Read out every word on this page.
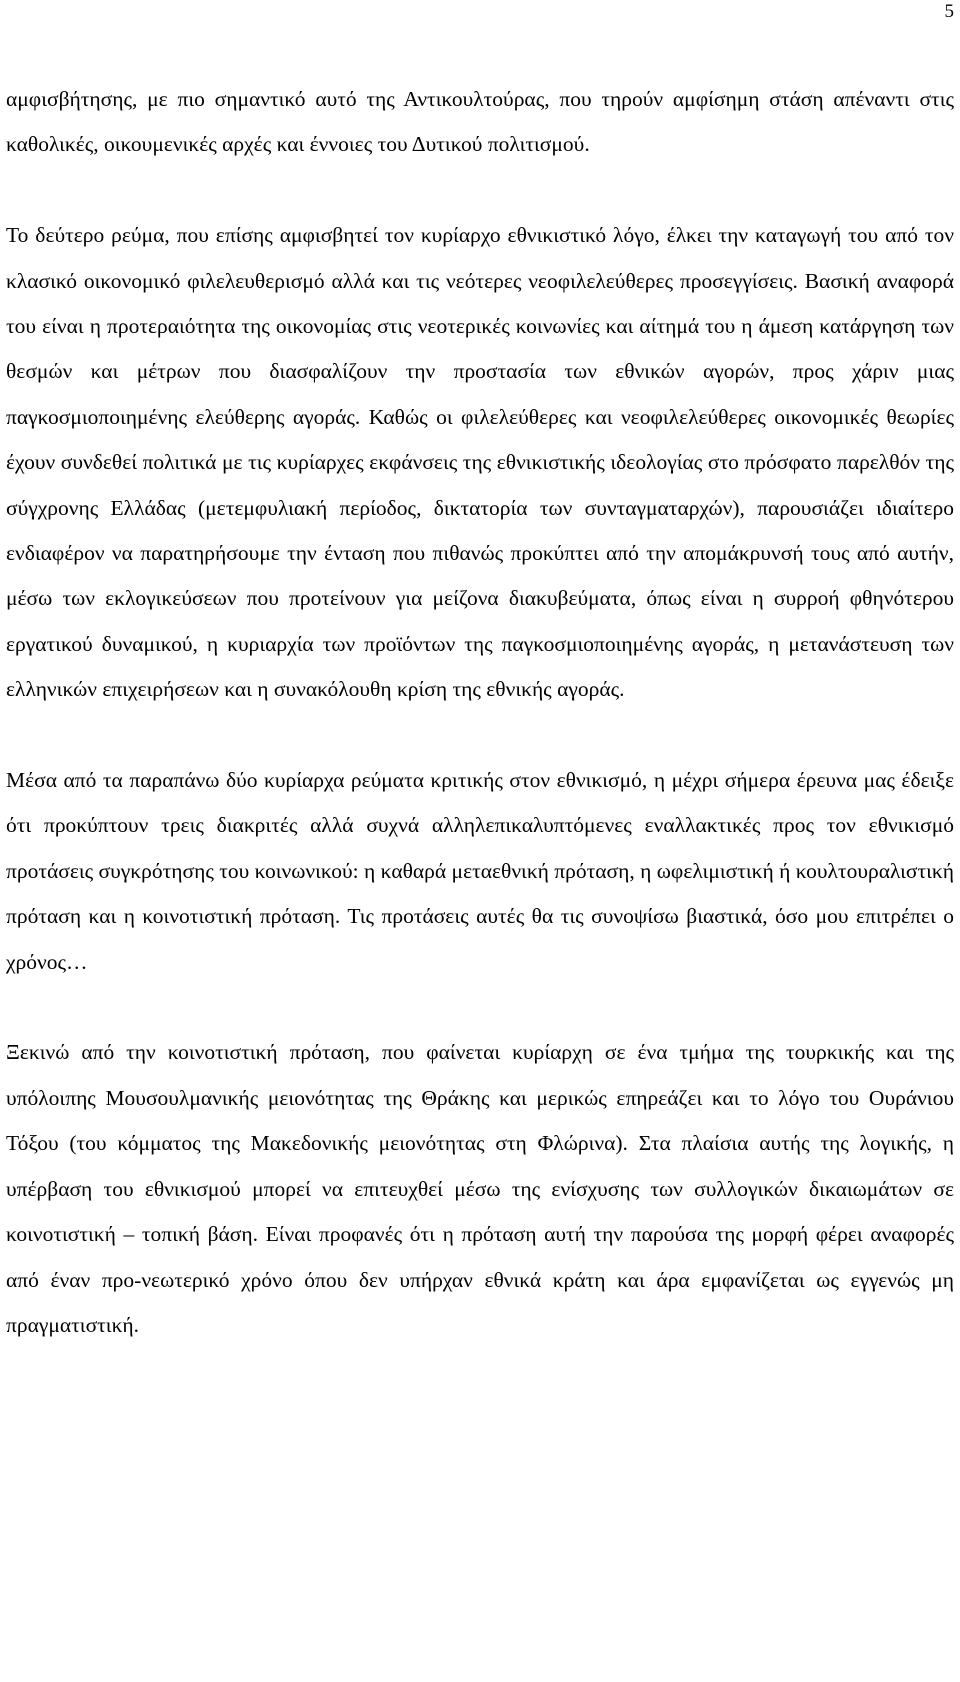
5

αμφισβήτησης, με πιο σημαντικό αυτό της Αντικουλτούρας, που τηρούν αμφίσημη στάση απέναντι στις καθολικές, οικουμενικές αρχές και έννοιες του Δυτικού πολιτισμού.

Το δεύτερο ρεύμα, που επίσης αμφισβητεί τον κυρίαρχο εθνικιστικό λόγο, έλκει την καταγωγή του από τον κλασικό οικονομικό φιλελευθερισμό αλλά και τις νεότερες νεοφιλελεύθερες προσεγγίσεις. Βασική αναφορά του είναι η προτεραιότητα της οικονομίας στις νεοτερικές κοινωνίες και αίτημά του η άμεση κατάργηση των θεσμών και μέτρων που διασφαλίζουν την προστασία των εθνικών αγορών, προς χάριν μιας παγκοσμιοποιημένης ελεύθερης αγοράς. Καθώς οι φιλελεύθερες και νεοφιλελεύθερες οικονομικές θεωρίες έχουν συνδεθεί πολιτικά με τις κυρίαρχες εκφάνσεις της εθνικιστικής ιδεολογίας στο πρόσφατο παρελθόν της σύγχρονης Ελλάδας (μετεμφυλιακή περίοδος, δικτατορία των συνταγματαρχών), παρουσιάζει ιδιαίτερο ενδιαφέρον να παρατηρήσουμε την ένταση που πιθανώς προκύπτει από την απομάκρυνσή τους από αυτήν, μέσω των εκλογικεύσεων που προτείνουν για μείζονα διακυβεύματα, όπως είναι η συρροή φθηνότερου εργατικού δυναμικού, η κυριαρχία των προϊόντων της παγκοσμιοποιημένης αγοράς, η μετανάστευση των ελληνικών επιχειρήσεων και η συνακόλουθη κρίση της εθνικής αγοράς.

Μέσα από τα παραπάνω δύο κυρίαρχα ρεύματα κριτικής στον εθνικισμό, η μέχρι σήμερα έρευνα μας έδειξε ότι προκύπτουν τρεις διακριτές αλλά συχνά αλληλεπικαλυπτόμενες εναλλακτικές προς τον εθνικισμό προτάσεις συγκρότησης του κοινωνικού: η καθαρά μεταεθνική πρόταση, η ωφελιμιστική ή κουλτουραλιστική πρόταση και η κοινοτιστική πρόταση. Τις προτάσεις αυτές θα τις συνοψίσω βιαστικά, όσο μου επιτρέπει ο χρόνος…

Ξεκινώ από την κοινοτιστική πρόταση, που φαίνεται κυρίαρχη σε ένα τμήμα της τουρκικής και της υπόλοιπης Μουσουλμανικής μειονότητας της Θράκης και μερικώς επηρεάζει και το λόγο του Ουράνιου Τόξου (του κόμματος της Μακεδονικής μειονότητας στη Φλώρινα). Στα πλαίσια αυτής της λογικής, η υπέρβαση του εθνικισμού μπορεί να επιτευχθεί μέσω της ενίσχυσης των συλλογικών δικαιωμάτων σε κοινοτιστική – τοπική βάση. Είναι προφανές ότι η πρόταση αυτή την παρούσα της μορφή φέρει αναφορές από έναν προ-νεωτερικό χρόνο όπου δεν υπήρχαν εθνικά κράτη και άρα εμφανίζεται ως εγγενώς μη πραγματιστική.
